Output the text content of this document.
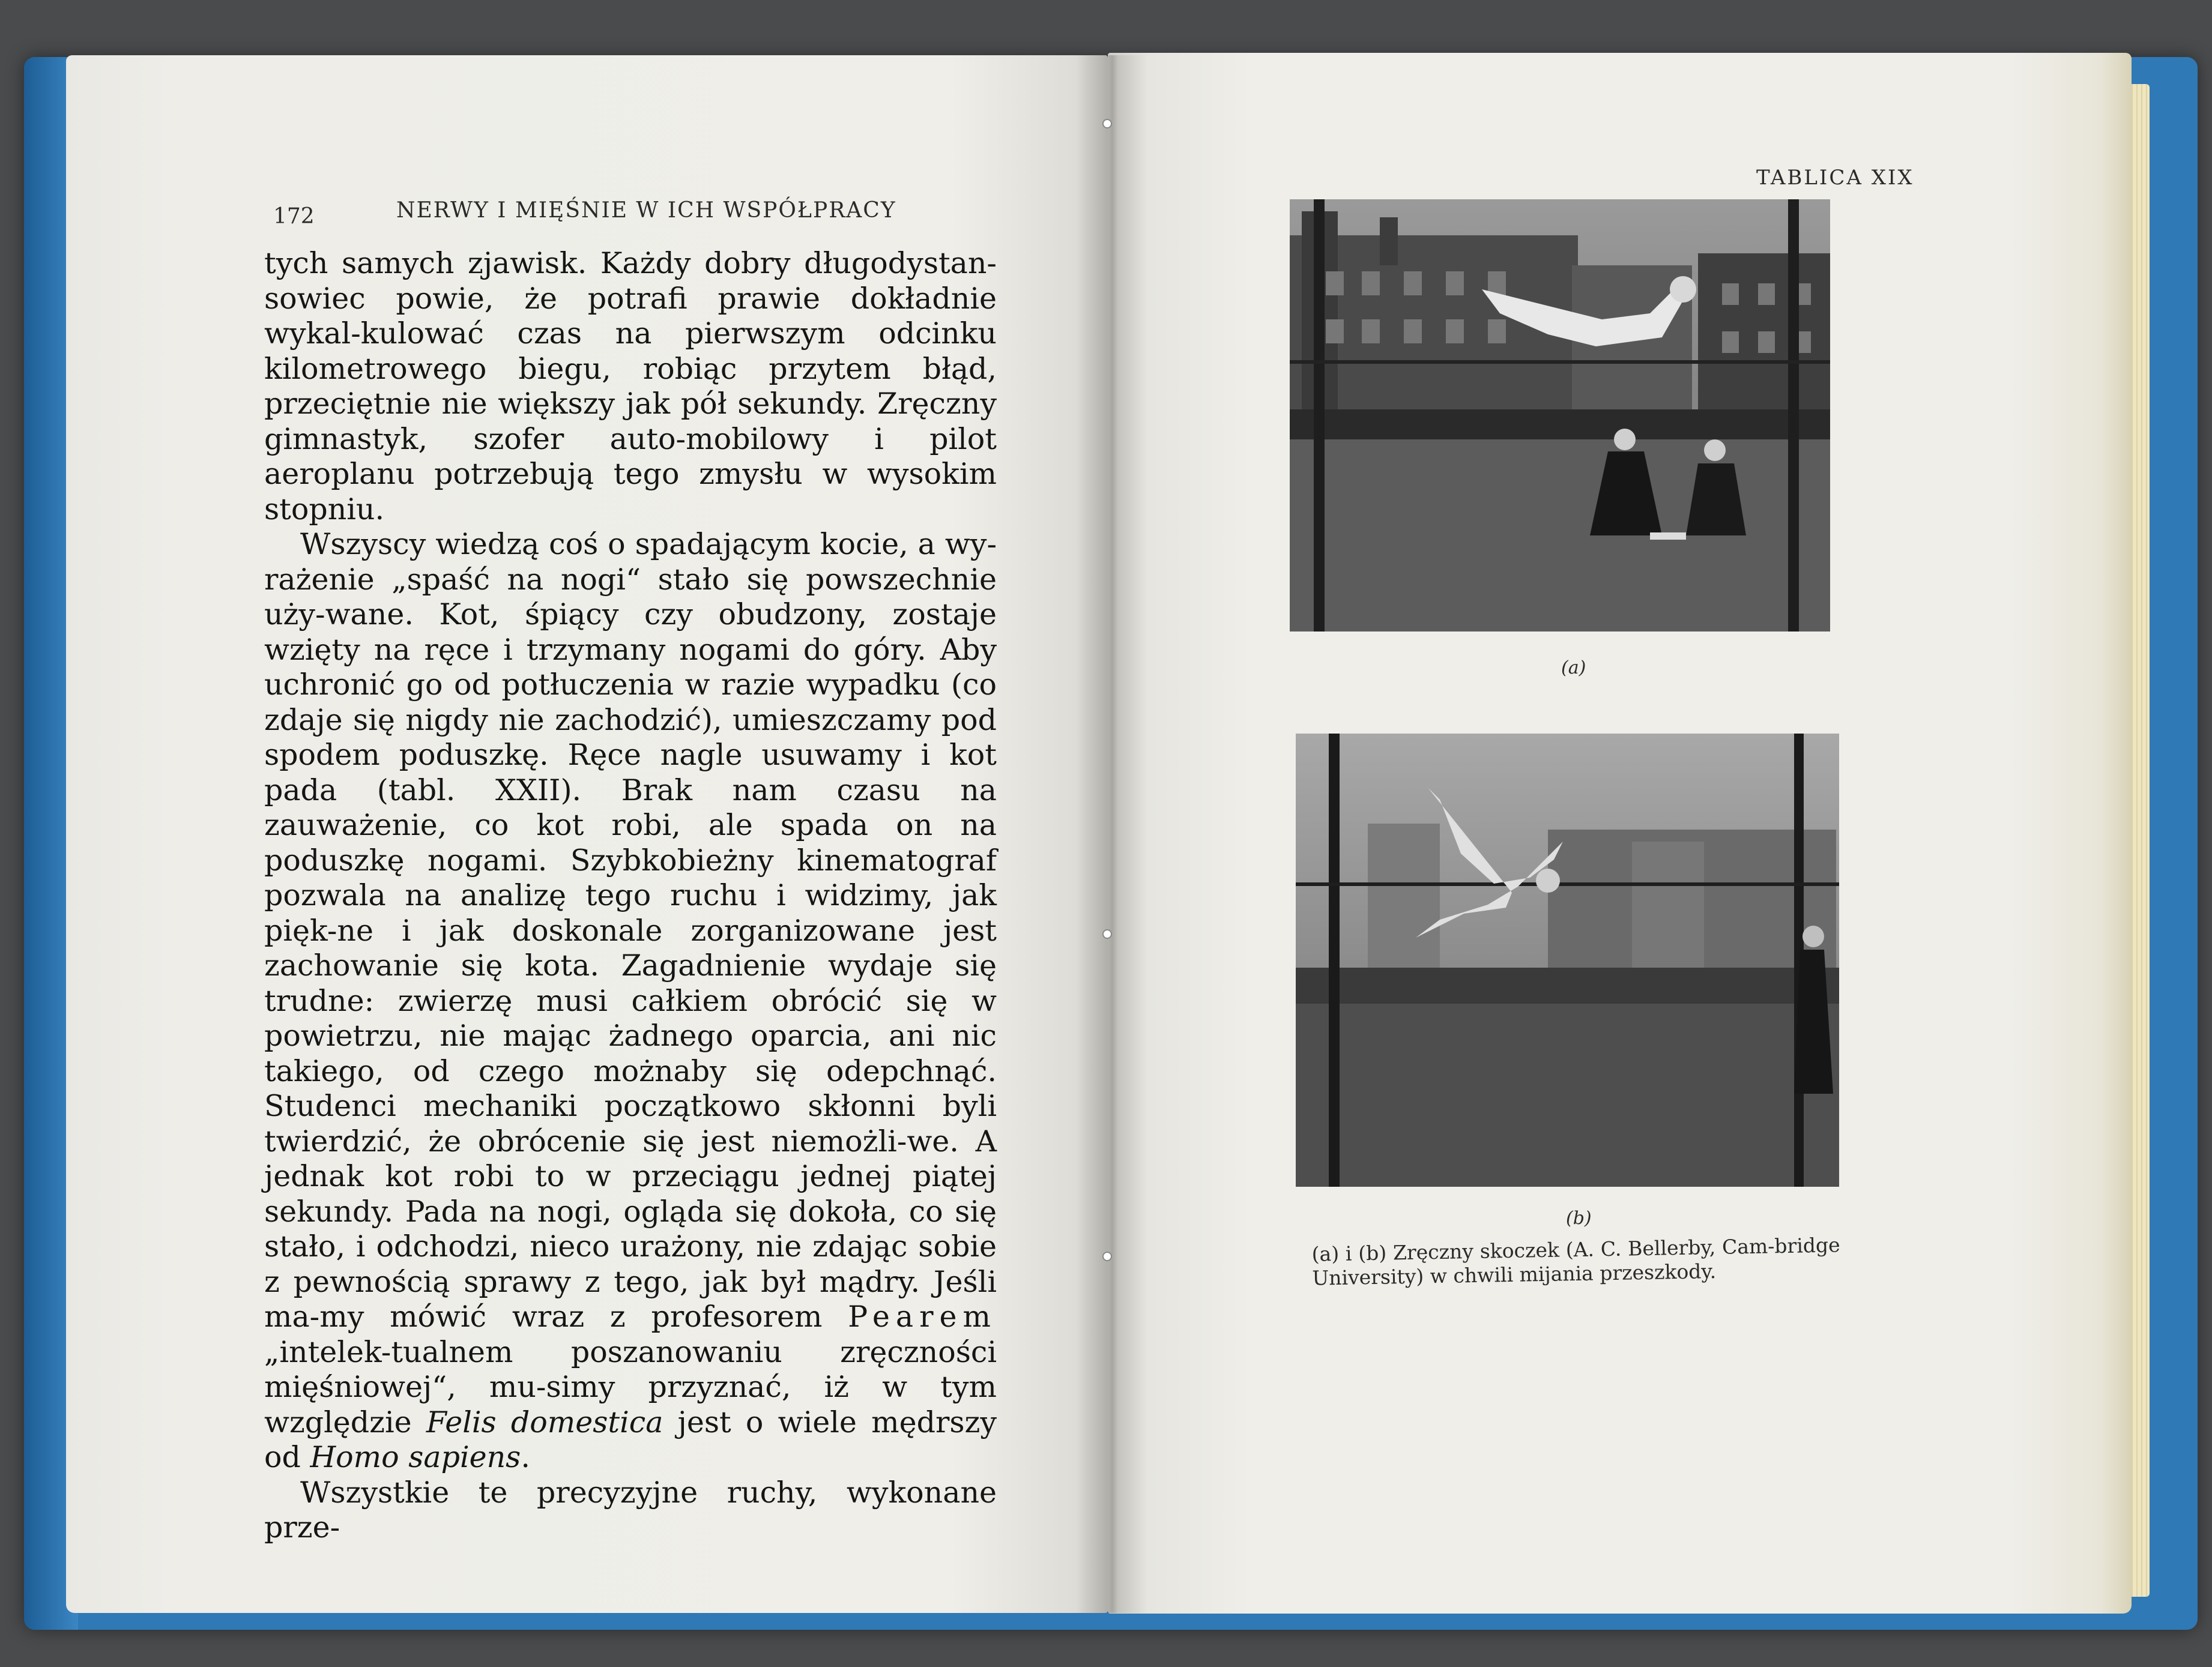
172	NERWY I MIĘŚNIE W ICH WSPÓŁPRACY

tych samych zjawisk. Każdy dobry długodystan-sowiec powie, że potrafi prawie dokładnie wykal-kulować czas na pierwszym odcinku kilometrowego biegu, robiąc przytem błąd, przeciętnie nie większy jak pół sekundy. Zręczny gimnastyk, szofer auto-mobilowy i pilot aeroplanu potrzebują tego zmysłu w wysokim stopniu.

Wszyscy wiedzą coś o spadającym kocie, a wy-rażenie „spaść na nogi“ stało się powszechnie uży-wane. Kot, śpiący czy obudzony, zostaje wzięty na ręce i trzymany nogami do góry. Aby uchronić go od potłuczenia w razie wypadku (co zdaje się nigdy nie zachodzić), umieszczamy pod spodem poduszkę. Ręce nagle usuwamy i kot pada (tabl. XXII). Brak nam czasu na zauważenie, co kot robi, ale spada on na poduszkę nogami. Szybkobieżny kinematograf pozwala na analizę tego ruchu i widzimy, jak pięk-ne i jak doskonale zorganizowane jest zachowanie się kota. Zagadnienie wydaje się trudne: zwierzę musi całkiem obrócić się w powietrzu, nie mając żadnego oparcia, ani nic takiego, od czego możnaby się odepchnąć. Studenci mechaniki początkowo skłonni byli twierdzić, że obrócenie się jest niemożli-we. A jednak kot robi to w przeciągu jednej piątej sekundy. Pada na nogi, ogląda się dokoła, co się stało, i odchodzi, nieco urażony, nie zdając sobie z pewnością sprawy z tego, jak był mądry. Jeśli ma-my mówić wraz z profesorem Pearem „intelek-tualnem poszanowaniu zręczności mięśniowej“, mu-simy przyznać, iż w tym względzie Felis domestica jest o wiele mędrszy od Homo sapiens.

Wszystkie te precyzyjne ruchy, wykonane prze-

TABLICA XIX
(a)
(b)
(a) i (b) Zręczny skoczek (A. C. Bellerby, Cam-bridge University) w chwili mijania przeszkody.
